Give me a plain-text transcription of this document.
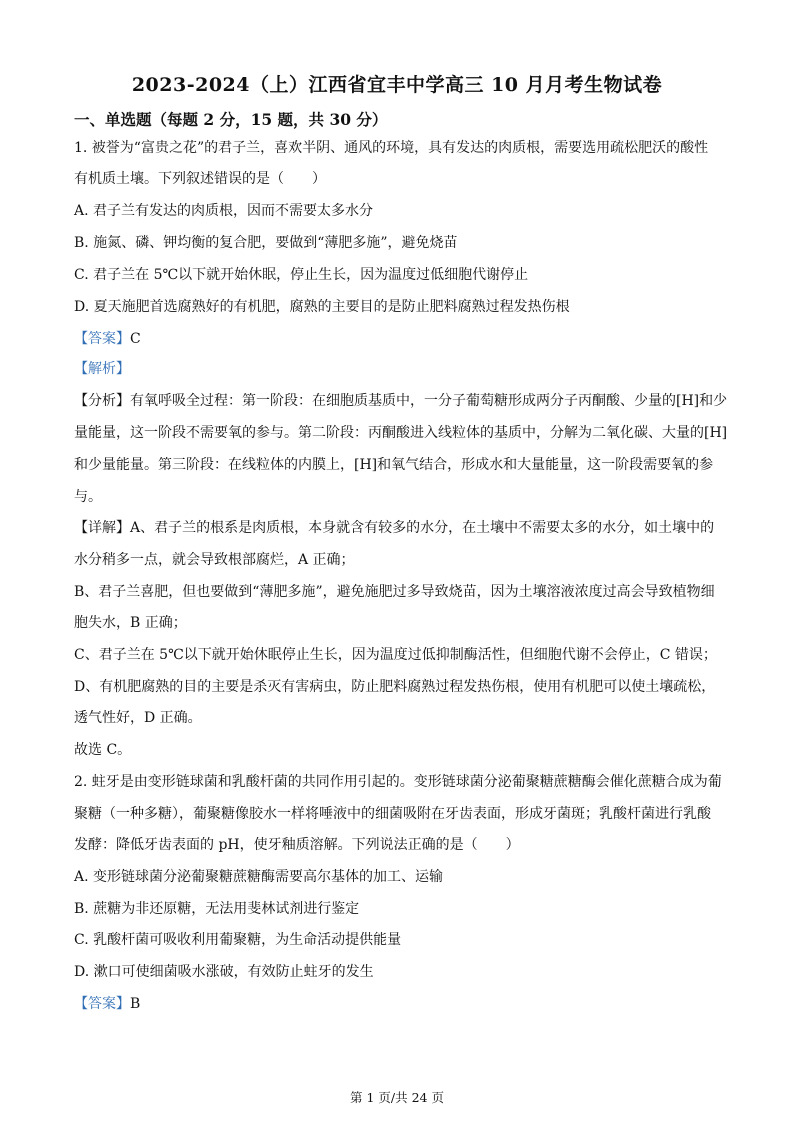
2023-2024（上）江西省宜丰中学高三 10 月月考生物试卷
一、单选题（每题 2 分，15 题，共 30 分）
1. 被誉为“富贵之花”的君子兰，喜欢半阴、通风的环境，具有发达的肉质根，需要选用疏松肥沃的酸性
有机质土壤。下列叙述错误的是（　　）
A. 君子兰有发达的肉质根，因而不需要太多水分
B. 施氮、磷、钾均衡的复合肥，要做到“薄肥多施”，避免烧苗
C. 君子兰在 5℃以下就开始休眠，停止生长，因为温度过低细胞代谢停止
D. 夏天施肥首选腐熟好的有机肥，腐熟的主要目的是防止肥料腐熟过程发热伤根
【答案】C
【解析】
【分析】有氧呼吸全过程：第一阶段：在细胞质基质中，一分子葡萄糖形成两分子丙酮酸、少量的[H]和少
量能量，这一阶段不需要氧的参与。第二阶段：丙酮酸进入线粒体的基质中，分解为二氧化碳、大量的[H]
和少量能量。第三阶段：在线粒体的内膜上，[H]和氧气结合，形成水和大量能量，这一阶段需要氧的参
与。
【详解】A、君子兰的根系是肉质根，本身就含有较多的水分，在土壤中不需要太多的水分，如土壤中的
水分稍多一点，就会导致根部腐烂，A 正确；
B、君子兰喜肥，但也要做到“薄肥多施”，避免施肥过多导致烧苗，因为土壤溶液浓度过高会导致植物细
胞失水，B 正确；
C、君子兰在 5℃以下就开始休眠停止生长，因为温度过低抑制酶活性，但细胞代谢不会停止，C 错误；
D、有机肥腐熟的目的主要是杀灭有害病虫，防止肥料腐熟过程发热伤根，使用有机肥可以使土壤疏松，
透气性好，D 正确。
故选 C。
2. 蛀牙是由变形链球菌和乳酸杆菌的共同作用引起的。变形链球菌分泌葡聚糖蔗糖酶会催化蔗糖合成为葡
聚糖（一种多糖），葡聚糖像胶水一样将唾液中的细菌吸附在牙齿表面，形成牙菌斑；乳酸杆菌进行乳酸
发酵：降低牙齿表面的 pH，使牙釉质溶解。下列说法正确的是（　　）
A. 变形链球菌分泌葡聚糖蔗糖酶需要高尔基体的加工、运输
B. 蔗糖为非还原糖，无法用斐林试剂进行鉴定
C. 乳酸杆菌可吸收利用葡聚糖，为生命活动提供能量
D. 漱口可使细菌吸水涨破，有效防止蛀牙的发生
【答案】B
第 1 页/共 24 页
